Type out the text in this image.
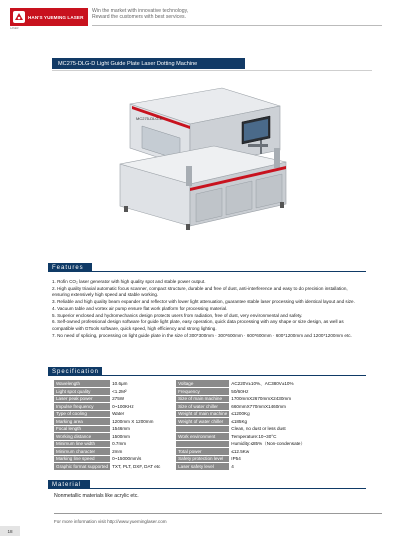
HAN'S YUEMING LASER
LASER
Win the market with innovative technology,
Reward the customers with best services.
MC275-DLG-D Light Guide Plate Laser Dotting Machine
MC275-DLG-D
Features
1. Rofin CO₂ laser generator with high quality spot and stable power output.
2. High quality triaxial automatic focus scanner, compact structure, durable and free of dust, anti-interference and easy to do precision installation, ensuring extensively high speed and stable working.
3. Reliable and high quality beam expander and reflector with lower light attenuation, guarantee stable laser processing with identical layout and size.
4. Vacuum table and vortex air pump ensure flat work platform for processing material.
5. Superior enclosed and hydromechanics design protects users from radiation, free of dust, very environmental and safety.
6. Self-owned professional design software for guide light plate, easy operation, quick data processing with any shape or size design, as well as compatible with GTools software, quick speed, high efficiency and strong lighting.
7. No need of splicing, processing on light guide plate in the size of 300*300mm · 300*600mm · 600*600mm · 600*1200mm and 1200*1200mm etc.
Specification
Wavelength	10.6μm	Voltage	AC220V±10%、AC380V±10%
Light spot quality	<1.2M²	Frequency	50/60Hz
Laser peak power	275W	Size of main machine	1700mmX2670mmX2430mm
Impulse frequency	0~100KHz	Size of water chiller	660mmX770mmX1460mm
Type of cooling	Water	Weight of main machine	≤1200Kg
Marking area	1200mm X 1200mm	Weight of water chiller	≤185Kg
Focal length	1546mm		Clean, no dust or less dust
Working distance	1500mm	Work environment	Temperature:10~30°C
Minimum line width	0.7mm		Humidity:≤85%（Non-condensate）
Minimum character	2mm	Total power	≤12.5Kw
Marking line speed	0~15000mm/s	Safety protection level	IP54
Graphic format supported	TXT, PLT, DXF, DAT etc	Laser safety level	4
Material
Nonmetallic materials like acrylic etc.
For more information visit http://www.yueminglaser.com
18
